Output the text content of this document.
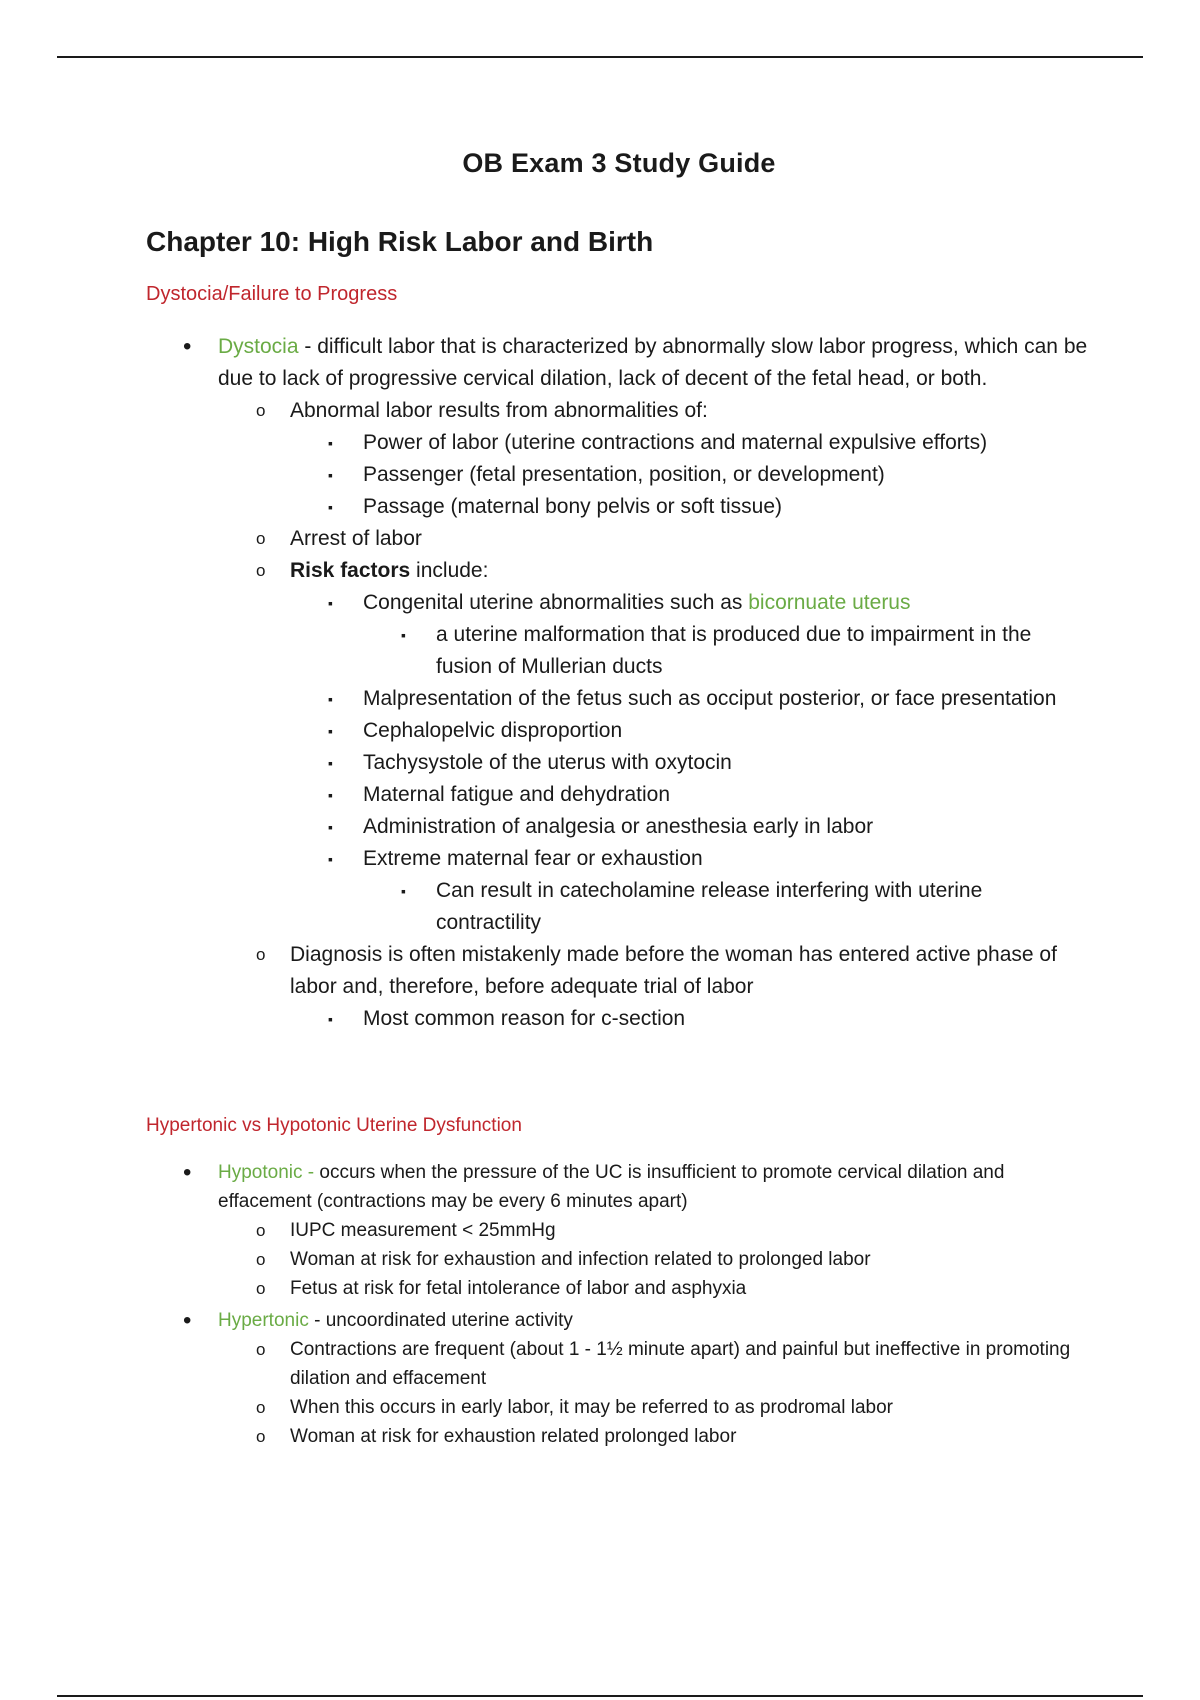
OB Exam 3 Study Guide
Chapter 10: High Risk Labor and Birth
Dystocia/Failure to Progress
• Dystocia - difficult labor that is characterized by abnormally slow labor progress, which can be due to lack of progressive cervical dilation, lack of decent of the fetal head, or both.
o Abnormal labor results from abnormalities of:
▪ Power of labor (uterine contractions and maternal expulsive efforts)
▪ Passenger (fetal presentation, position, or development)
▪ Passage (maternal bony pelvis or soft tissue)
o Arrest of labor
o Risk factors include:
▪ Congenital uterine abnormalities such as bicornuate uterus
▪ a uterine malformation that is produced due to impairment in the fusion of Mullerian ducts
▪ Malpresentation of the fetus such as occiput posterior, or face presentation
▪ Cephalopelvic disproportion
▪ Tachysystole of the uterus with oxytocin
▪ Maternal fatigue and dehydration
▪ Administration of analgesia or anesthesia early in labor
▪ Extreme maternal fear or exhaustion
▪ Can result in catecholamine release interfering with uterine contractility
o Diagnosis is often mistakenly made before the woman has entered active phase of labor and, therefore, before adequate trial of labor
▪ Most common reason for c-section
Hypertonic vs Hypotonic Uterine Dysfunction
• Hypotonic - occurs when the pressure of the UC is insufficient to promote cervical dilation and effacement (contractions may be every 6 minutes apart)
o IUPC measurement < 25mmHg
o Woman at risk for exhaustion and infection related to prolonged labor
o Fetus at risk for fetal intolerance of labor and asphyxia
• Hypertonic - uncoordinated uterine activity
o Contractions are frequent (about 1 - 1½ minute apart) and painful but ineffective in promoting dilation and effacement
o When this occurs in early labor, it may be referred to as prodromal labor
o Woman at risk for exhaustion related prolonged labor
